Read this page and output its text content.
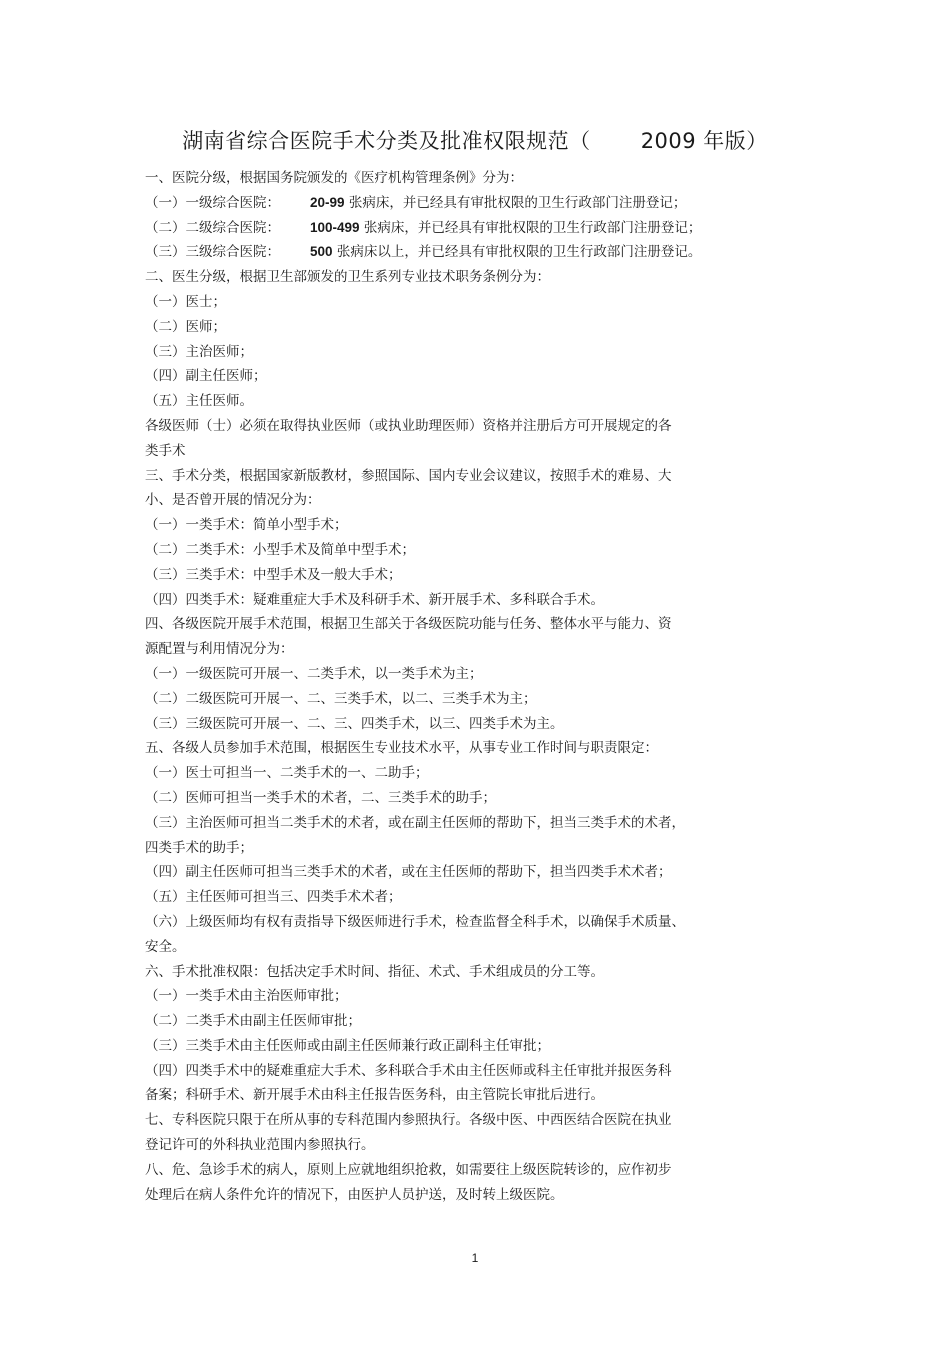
湖南省综合医院手术分类及批准权限规范（ 2009 年版）
一、医院分级，根据国务院颁发的《医疗机构管理条例》分为：
（一）一级综合医院： 20-99 张病床，并已经具有审批权限的卫生行政部门注册登记；
（二）二级综合医院： 100-499 张病床，并已经具有审批权限的卫生行政部门注册登记；
（三）三级综合医院： 500 张病床以上，并已经具有审批权限的卫生行政部门注册登记。
二、医生分级，根据卫生部颁发的卫生系列专业技术职务条例分为：
（一）医士；
（二）医师；
（三）主治医师；
（四）副主任医师；
（五）主任医师。
各级医师（士）必须在取得执业医师（或执业助理医师）资格并注册后方可开展规定的各
类手术
三、手术分类，根据国家新版教材，参照国际、国内专业会议建议，按照手术的难易、大
小、是否曾开展的情况分为：
（一）一类手术：简单小型手术；
（二）二类手术：小型手术及简单中型手术；
（三）三类手术：中型手术及一般大手术；
（四）四类手术：疑难重症大手术及科研手术、新开展手术、多科联合手术。
四、各级医院开展手术范围，根据卫生部关于各级医院功能与任务、整体水平与能力、资
源配置与利用情况分为：
（一）一级医院可开展一、二类手术，以一类手术为主；
（二）二级医院可开展一、二、三类手术，以二、三类手术为主；
（三）三级医院可开展一、二、三、四类手术，以三、四类手术为主。
五、各级人员参加手术范围，根据医生专业技术水平，从事专业工作时间与职责限定：
（一）医士可担当一、二类手术的一、二助手；
（二）医师可担当一类手术的术者，二、三类手术的助手；
（三）主治医师可担当二类手术的术者，或在副主任医师的帮助下，担当三类手术的术者，
四类手术的助手；
（四）副主任医师可担当三类手术的术者，或在主任医师的帮助下，担当四类手术术者；
（五）主任医师可担当三、四类手术术者；
（六）上级医师均有权有责指导下级医师进行手术，检查监督全科手术，以确保手术质量、
安全。
六、手术批准权限：包括决定手术时间、指征、术式、手术组成员的分工等。
（一）一类手术由主治医师审批；
（二）二类手术由副主任医师审批；
（三）三类手术由主任医师或由副主任医师兼行政正副科主任审批；
（四）四类手术中的疑难重症大手术、多科联合手术由主任医师或科主任审批并报医务科
备案；科研手术、新开展手术由科主任报告医务科，由主管院长审批后进行。
七、专科医院只限于在所从事的专科范围内参照执行。各级中医、中西医结合医院在执业
登记许可的外科执业范围内参照执行。
八、危、急诊手术的病人，原则上应就地组织抢救，如需要往上级医院转诊的，应作初步
处理后在病人条件允许的情况下，由医护人员护送，及时转上级医院。
1
